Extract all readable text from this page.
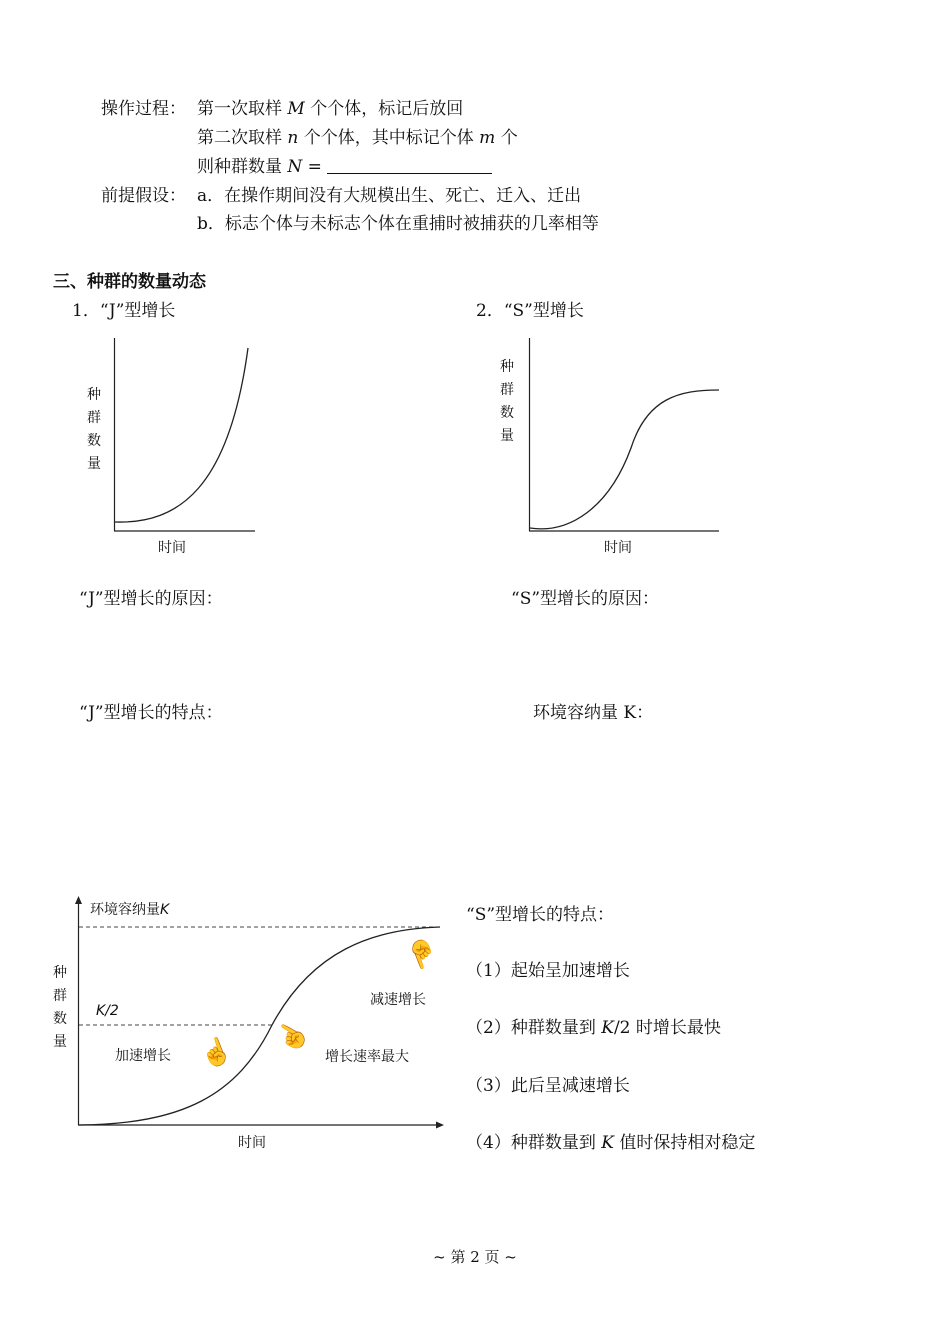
操作过程： 第一次取样 M 个个体，标记后放回
第二次取样 n 个个体，其中标记个体 m 个
则种群数量 N =
前提假设： a．在操作期间没有大规模出生、死亡、迁入、迁出
b．标志个体与未标志个体在重捕时被捕获的几率相等
三、种群的数量动态
1．“J”型增长	2．“S”型增长
种群数量
时间
种群数量
时间
“J”型增长的原因：	“S”型增长的原因：
“J”型增长的特点：	环境容纳量 K：
环境容纳量K
种群数量
K/2
加速增长	增长速率最大
减速增长
时间
☝ ☝
☝
“S”型增长的特点：
（1）起始呈加速增长
（2）种群数量到 K/2 时增长最快
（3）此后呈减速增长
（4）种群数量到 K 值时保持相对稳定
~ 第 2 页 ~
